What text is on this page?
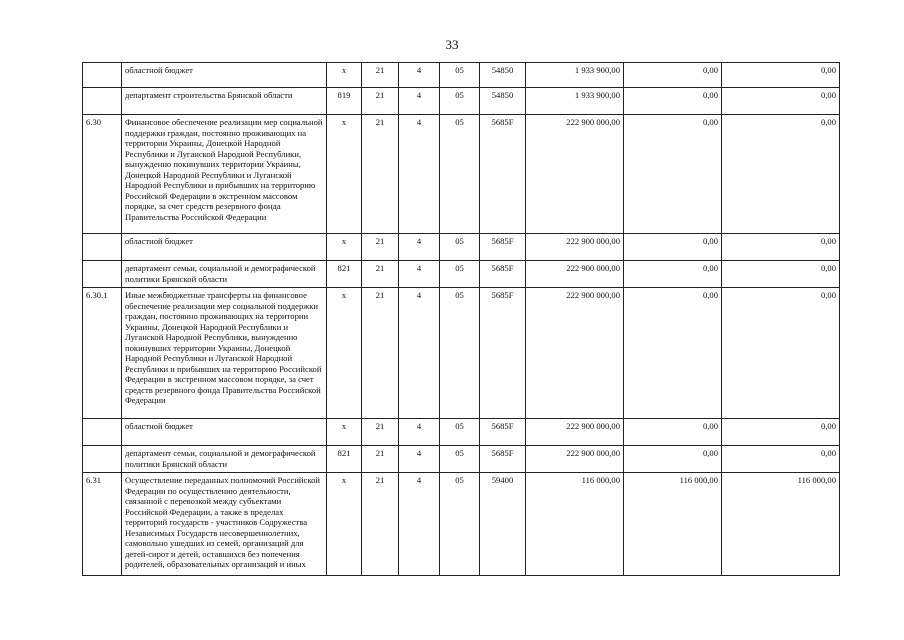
33
	областной бюджет	х	21	4	05	54850	1 933 900,00	0,00	0,00
	департамент строительства Брянской области	819	21	4	05	54850	1 933 900,00	0,00	0,00
6.30	Финансовое обеспечение реализации мер социальной поддержки граждан, постоянно проживающих на территории Украины, Донецкой Народной Республики и Луганской Народной Республики, вынужденно покинувших территории Украины, Донецкой Народной Республики и Луганской Народной Республики и прибывших на территорию Российской Федерации в экстренном массовом порядке, за счет средств резервного фонда Правительства Российской Федерации	х	21	4	05	5685F	222 900 000,00	0,00	0,00
	областной бюджет	х	21	4	05	5685F	222 900 000,00	0,00	0,00
	департамент семьи, социальной и демографической политики Брянской области	821	21	4	05	5685F	222 900 000,00	0,00	0,00
6.30.1	Иные межбюджетные трансферты на финансовое обеспечение реализации мер социальной поддержки граждан, постоянно проживающих на территории Украины, Донецкой Народной Республики и Луганской Народной Республики, вынужденно покинувших территории Украины, Донецкой Народной Республики и Луганской Народной Республики и прибывших на территорию Российской Федерации в экстренном массовом порядке, за счет средств резервного фонда Правительства Российской Федерации	х	21	4	05	5685F	222 900 000,00	0,00	0,00
	областной бюджет	х	21	4	05	5685F	222 900 000,00	0,00	0,00
	департамент семьи, социальной и демографической политики Брянской области	821	21	4	05	5685F	222 900 000,00	0,00	0,00
6.31	Осуществление переданных полномочий Российской Федерации по осуществлению деятельности, связанной с перевозкой между субъектами Российской Федерации, а также в пределах территорий государств - участников Содружества Независимых Государств несовершеннолетних, самовольно ушедших из семей, организаций для детей-сирот и детей, оставшихся без попечения родителей, образовательных организаций и иных	х	21	4	05	59400	116 000,00	116 000,00	116 000,00
